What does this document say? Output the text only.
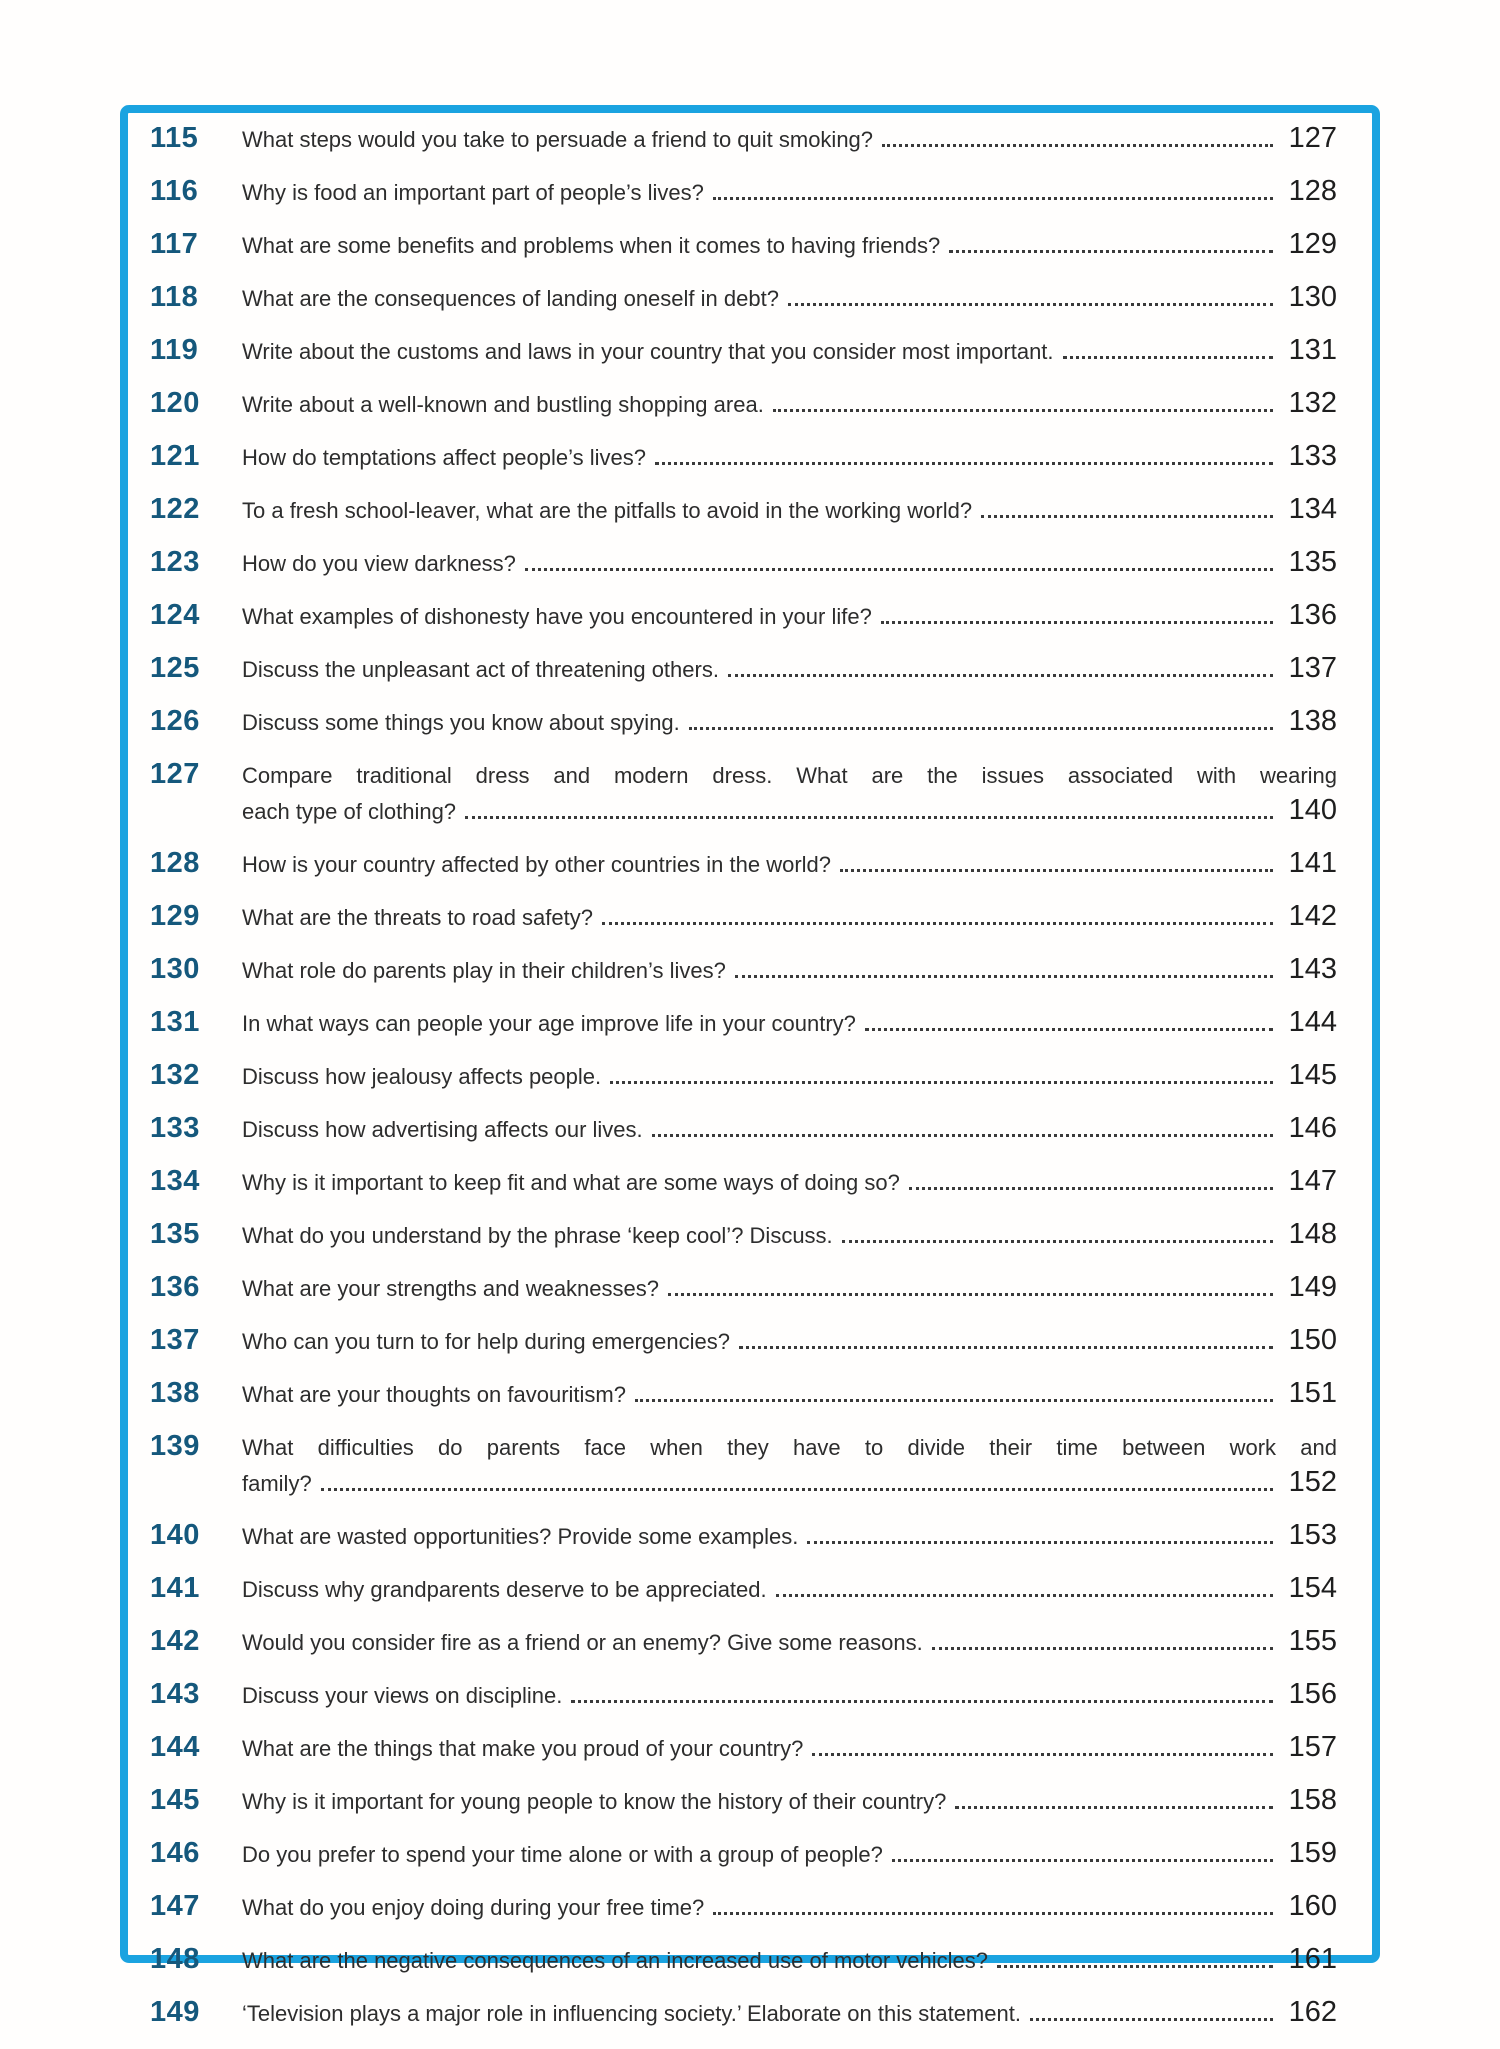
115	What steps would you take to persuade a friend to quit smoking?	127
116	Why is food an important part of people’s lives?	128
117	What are some benefits and problems when it comes to having friends?	129
118	What are the consequences of landing oneself in debt?	130
119	Write about the customs and laws in your country that you consider most important.	131
120	Write about a well-known and bustling shopping area.	132
121	How do temptations affect people’s lives?	133
122	To a fresh school-leaver, what are the pitfalls to avoid in the working world?	134
123	How do you view darkness?	135
124	What examples of dishonesty have you encountered in your life?	136
125	Discuss the unpleasant act of threatening others.	137
126	Discuss some things you know about spying.	138
127	Compare traditional dress and modern dress. What are the issues associated with wearing
each type of clothing?	140
128	How is your country affected by other countries in the world?	141
129	What are the threats to road safety?	142
130	What role do parents play in their children’s lives?	143
131	In what ways can people your age improve life in your country?	144
132	Discuss how jealousy affects people.	145
133	Discuss how advertising affects our lives.	146
134	Why is it important to keep fit and what are some ways of doing so?	147
135	What do you understand by the phrase ‘keep cool’? Discuss.	148
136	What are your strengths and weaknesses?	149
137	Who can you turn to for help during emergencies?	150
138	What are your thoughts on favouritism?	151
139	What difficulties do parents face when they have to divide their time between work and
family?	152
140	What are wasted opportunities? Provide some examples.	153
141	Discuss why grandparents deserve to be appreciated.	154
142	Would you consider fire as a friend or an enemy? Give some reasons.	155
143	Discuss your views on discipline.	156
144	What are the things that make you proud of your country?	157
145	Why is it important for young people to know the history of their country?	158
146	Do you prefer to spend your time alone or with a group of people?	159
147	What do you enjoy doing during your free time?	160
148	What are the negative consequences of an increased use of motor vehicles?	161
149	‘Television plays a major role in influencing society.’ Elaborate on this statement.	162
